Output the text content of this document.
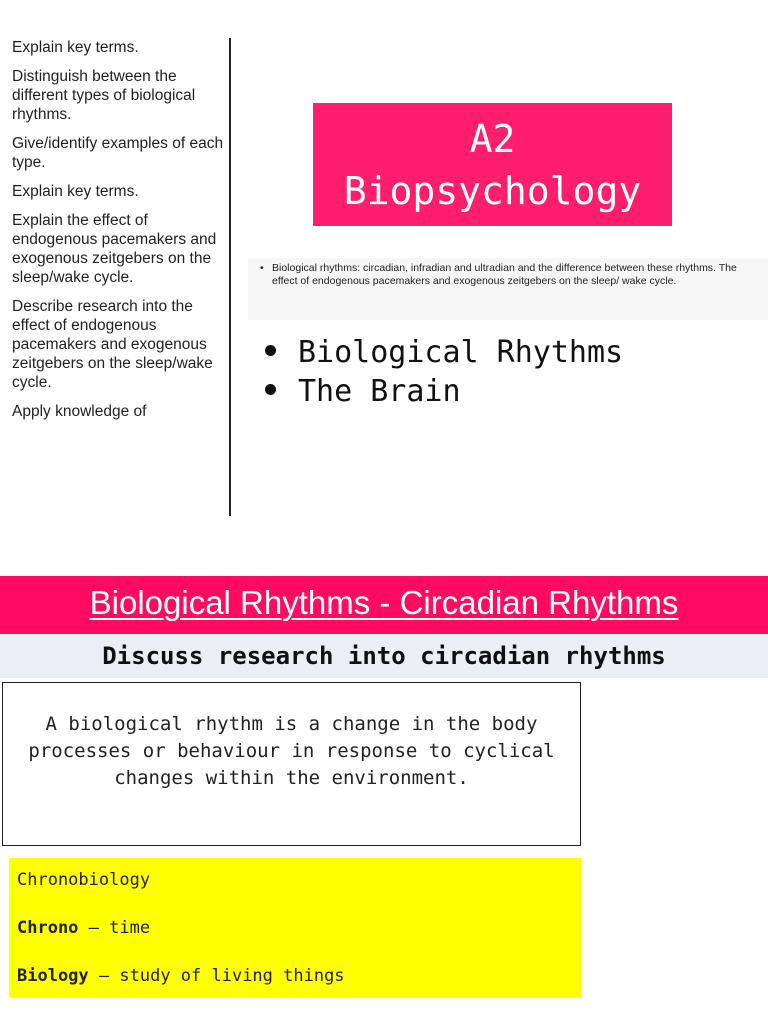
Explain key terms.

Distinguish between the different types of biological rhythms.

Give/identify examples of each type.

Explain key terms.

Explain the effect of endogenous pacemakers and exogenous zeitgebers on the sleep/wake cycle.

Describe research into the effect of endogenous pacemakers and exogenous zeitgebers on the sleep/wake cycle.

Apply knowledge of

A2
Biopsychology
• Biological rhythms: circadian, infradian and ultradian and the difference between these rhythms. The effect of endogenous pacemakers and exogenous zeitgebers on the sleep/ wake cycle.
Biological Rhythms
The Brain
Biological Rhythms - Circadian Rhythms
Discuss research into circadian rhythms
A biological rhythm is a change in the body processes or behaviour in response to cyclical changes within the environment.
Chronobiology
Chrono – time
Biology – study of living things
